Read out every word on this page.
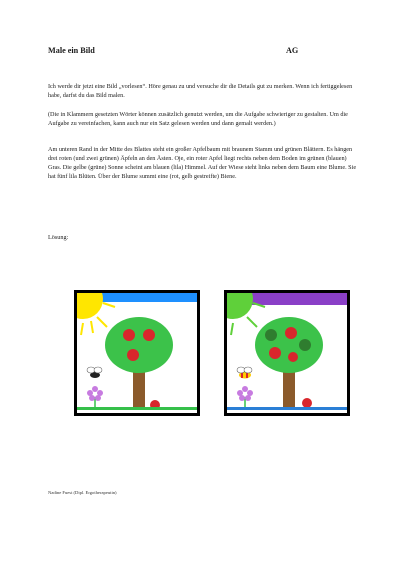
Male ein Bild	AG
Ich werde dir jetzt eine Bild „vorlesen“. Höre genau zu und versuche dir die Details gut zu merken. Wenn ich fertiggelesen habe, darfst du das Bild malen.
(Die in Klammern gesetzten Wörter können zusätzlich genutzt werden, um die Aufgabe schwieriger zu gestalten. Um die Aufgabe zu vereinfachen, kann auch nur ein Satz gelesen werden und dann gemalt werden.)
Am unteren Rand in der Mitte des Blattes steht ein großer Apfelbaum mit braunem Stamm und grünen Blättern. Es hängen drei roten (und zwei grünen) Äpfeln an den Ästen. Oje, ein roter Apfel liegt rechts neben dem Boden im grünen (blauen) Gras. Die gelbe (grüne) Sonne scheint am blauen (lila) Himmel. Auf der Wiese steht links neben dem Baum eine Blume. Sie hat fünf lila Blüten. Über der Blume summt eine (rot, gelb gestreifte) Biene.
Lösung:
Nadine Fuest (Dipl. Ergotherapeutin)
